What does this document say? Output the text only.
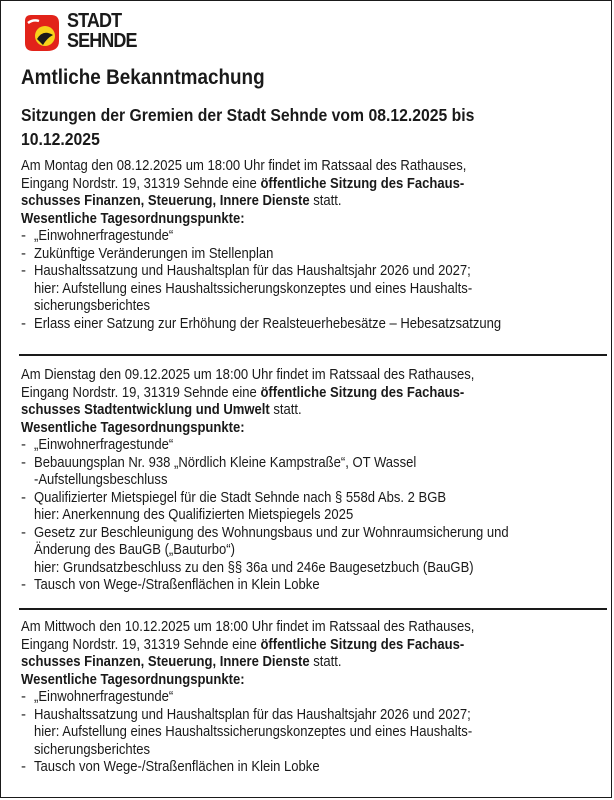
STADT
SEHNDE
Amtliche Bekanntmachung
Sitzungen der Gremien der Stadt Sehnde vom 08.12.2025 bis
10.12.2025
Am Montag den 08.12.2025 um 18:00 Uhr findet im Ratssaal des Rathauses,
Eingang Nordstr. 19, 31319 Sehnde eine öffentliche Sitzung des Fachaus-
schusses Finanzen, Steuerung, Innere Dienste statt.
Wesentliche Tagesordnungspunkte:
- „Einwohnerfragestunde“
- Zukünftige Veränderungen im Stellenplan
- Haushaltssatzung und Haushaltsplan für das Haushaltsjahr 2026 und 2027;
hier: Aufstellung eines Haushaltssicherungskonzeptes und eines Haushalts-
sicherungsberichtes
- Erlass einer Satzung zur Erhöhung der Realsteuerhebesätze – Hebesatzsatzung
Am Dienstag den 09.12.2025 um 18:00 Uhr findet im Ratssaal des Rathauses,
Eingang Nordstr. 19, 31319 Sehnde eine öffentliche Sitzung des Fachaus-
schusses Stadtentwicklung und Umwelt statt.
Wesentliche Tagesordnungspunkte:
- „Einwohnerfragestunde“
- Bebauungsplan Nr. 938 „Nördlich Kleine Kampstraße“, OT Wassel
-Aufstellungsbeschluss
- Qualifizierter Mietspiegel für die Stadt Sehnde nach § 558d Abs. 2 BGB
hier: Anerkennung des Qualifizierten Mietspiegels 2025
- Gesetz zur Beschleunigung des Wohnungsbaus und zur Wohnraumsicherung und
Änderung des BauGB („Bauturbo“)
hier: Grundsatzbeschluss zu den §§ 36a und 246e Baugesetzbuch (BauGB)
- Tausch von Wege-/Straßenflächen in Klein Lobke
Am Mittwoch den 10.12.2025 um 18:00 Uhr findet im Ratssaal des Rathauses,
Eingang Nordstr. 19, 31319 Sehnde eine öffentliche Sitzung des Fachaus-
schusses Finanzen, Steuerung, Innere Dienste statt.
Wesentliche Tagesordnungspunkte:
- „Einwohnerfragestunde“
- Haushaltssatzung und Haushaltsplan für das Haushaltsjahr 2026 und 2027;
hier: Aufstellung eines Haushaltssicherungskonzeptes und eines Haushalts-
sicherungsberichtes
- Tausch von Wege-/Straßenflächen in Klein Lobke
